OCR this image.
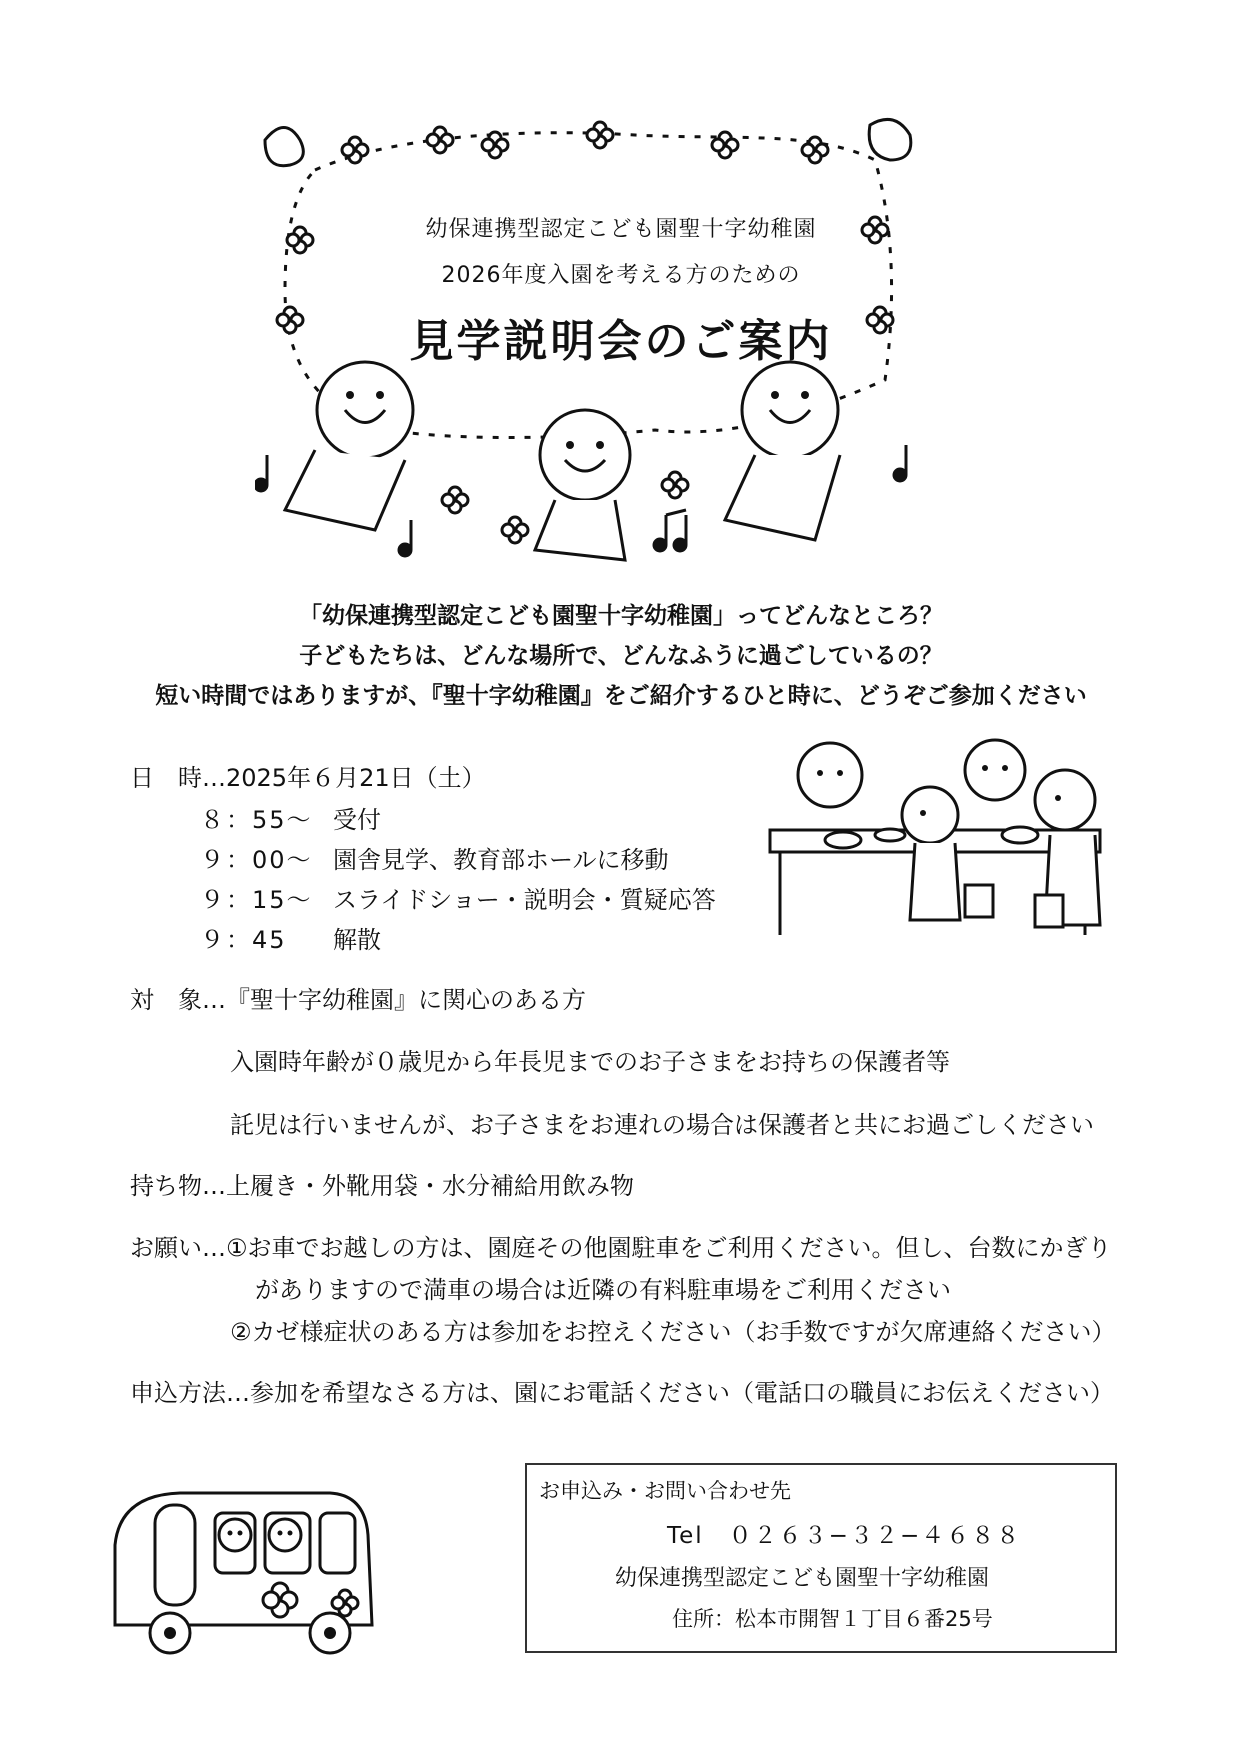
幼保連携型認定こども園聖十字幼稚園
2026年度入園を考える方のための
見学説明会のご案内
「幼保連携型認定こども園聖十字幼稚園」ってどんなところ？
子どもたちは、どんな場所で、どんなふうに過ごしているの？
短い時間ではありますが、『聖十字幼稚園』をご紹介するひと時に、どうぞご参加ください
日　時…2025年６月21日（土）
８：55〜 受付
９：00〜 園舎見学、教育部ホールに移動
９：15〜 スライドショー・説明会・質疑応答
９：45	解散
対　象…『聖十字幼稚園』に関心のある方
入園時年齢が０歳児から年長児までのお子さまをお持ちの保護者等
託児は行いませんが、お子さまをお連れの場合は保護者と共にお過ごしください
持ち物…上履き・外靴用袋・水分補給用飲み物
お願い…①お車でお越しの方は、園庭その他園駐車をご利用ください。但し、台数にかぎり
がありますので満車の場合は近隣の有料駐車場をご利用ください
②カゼ様症状のある方は参加をお控えください（お手数ですが欠席連絡ください）
申込方法…参加を希望なさる方は、園にお電話ください（電話口の職員にお伝えください）
お申込み・お問い合わせ先
Tel　０２６３−３２−４６８８
幼保連携型認定こども園聖十字幼稚園
住所：松本市開智１丁目６番25号
